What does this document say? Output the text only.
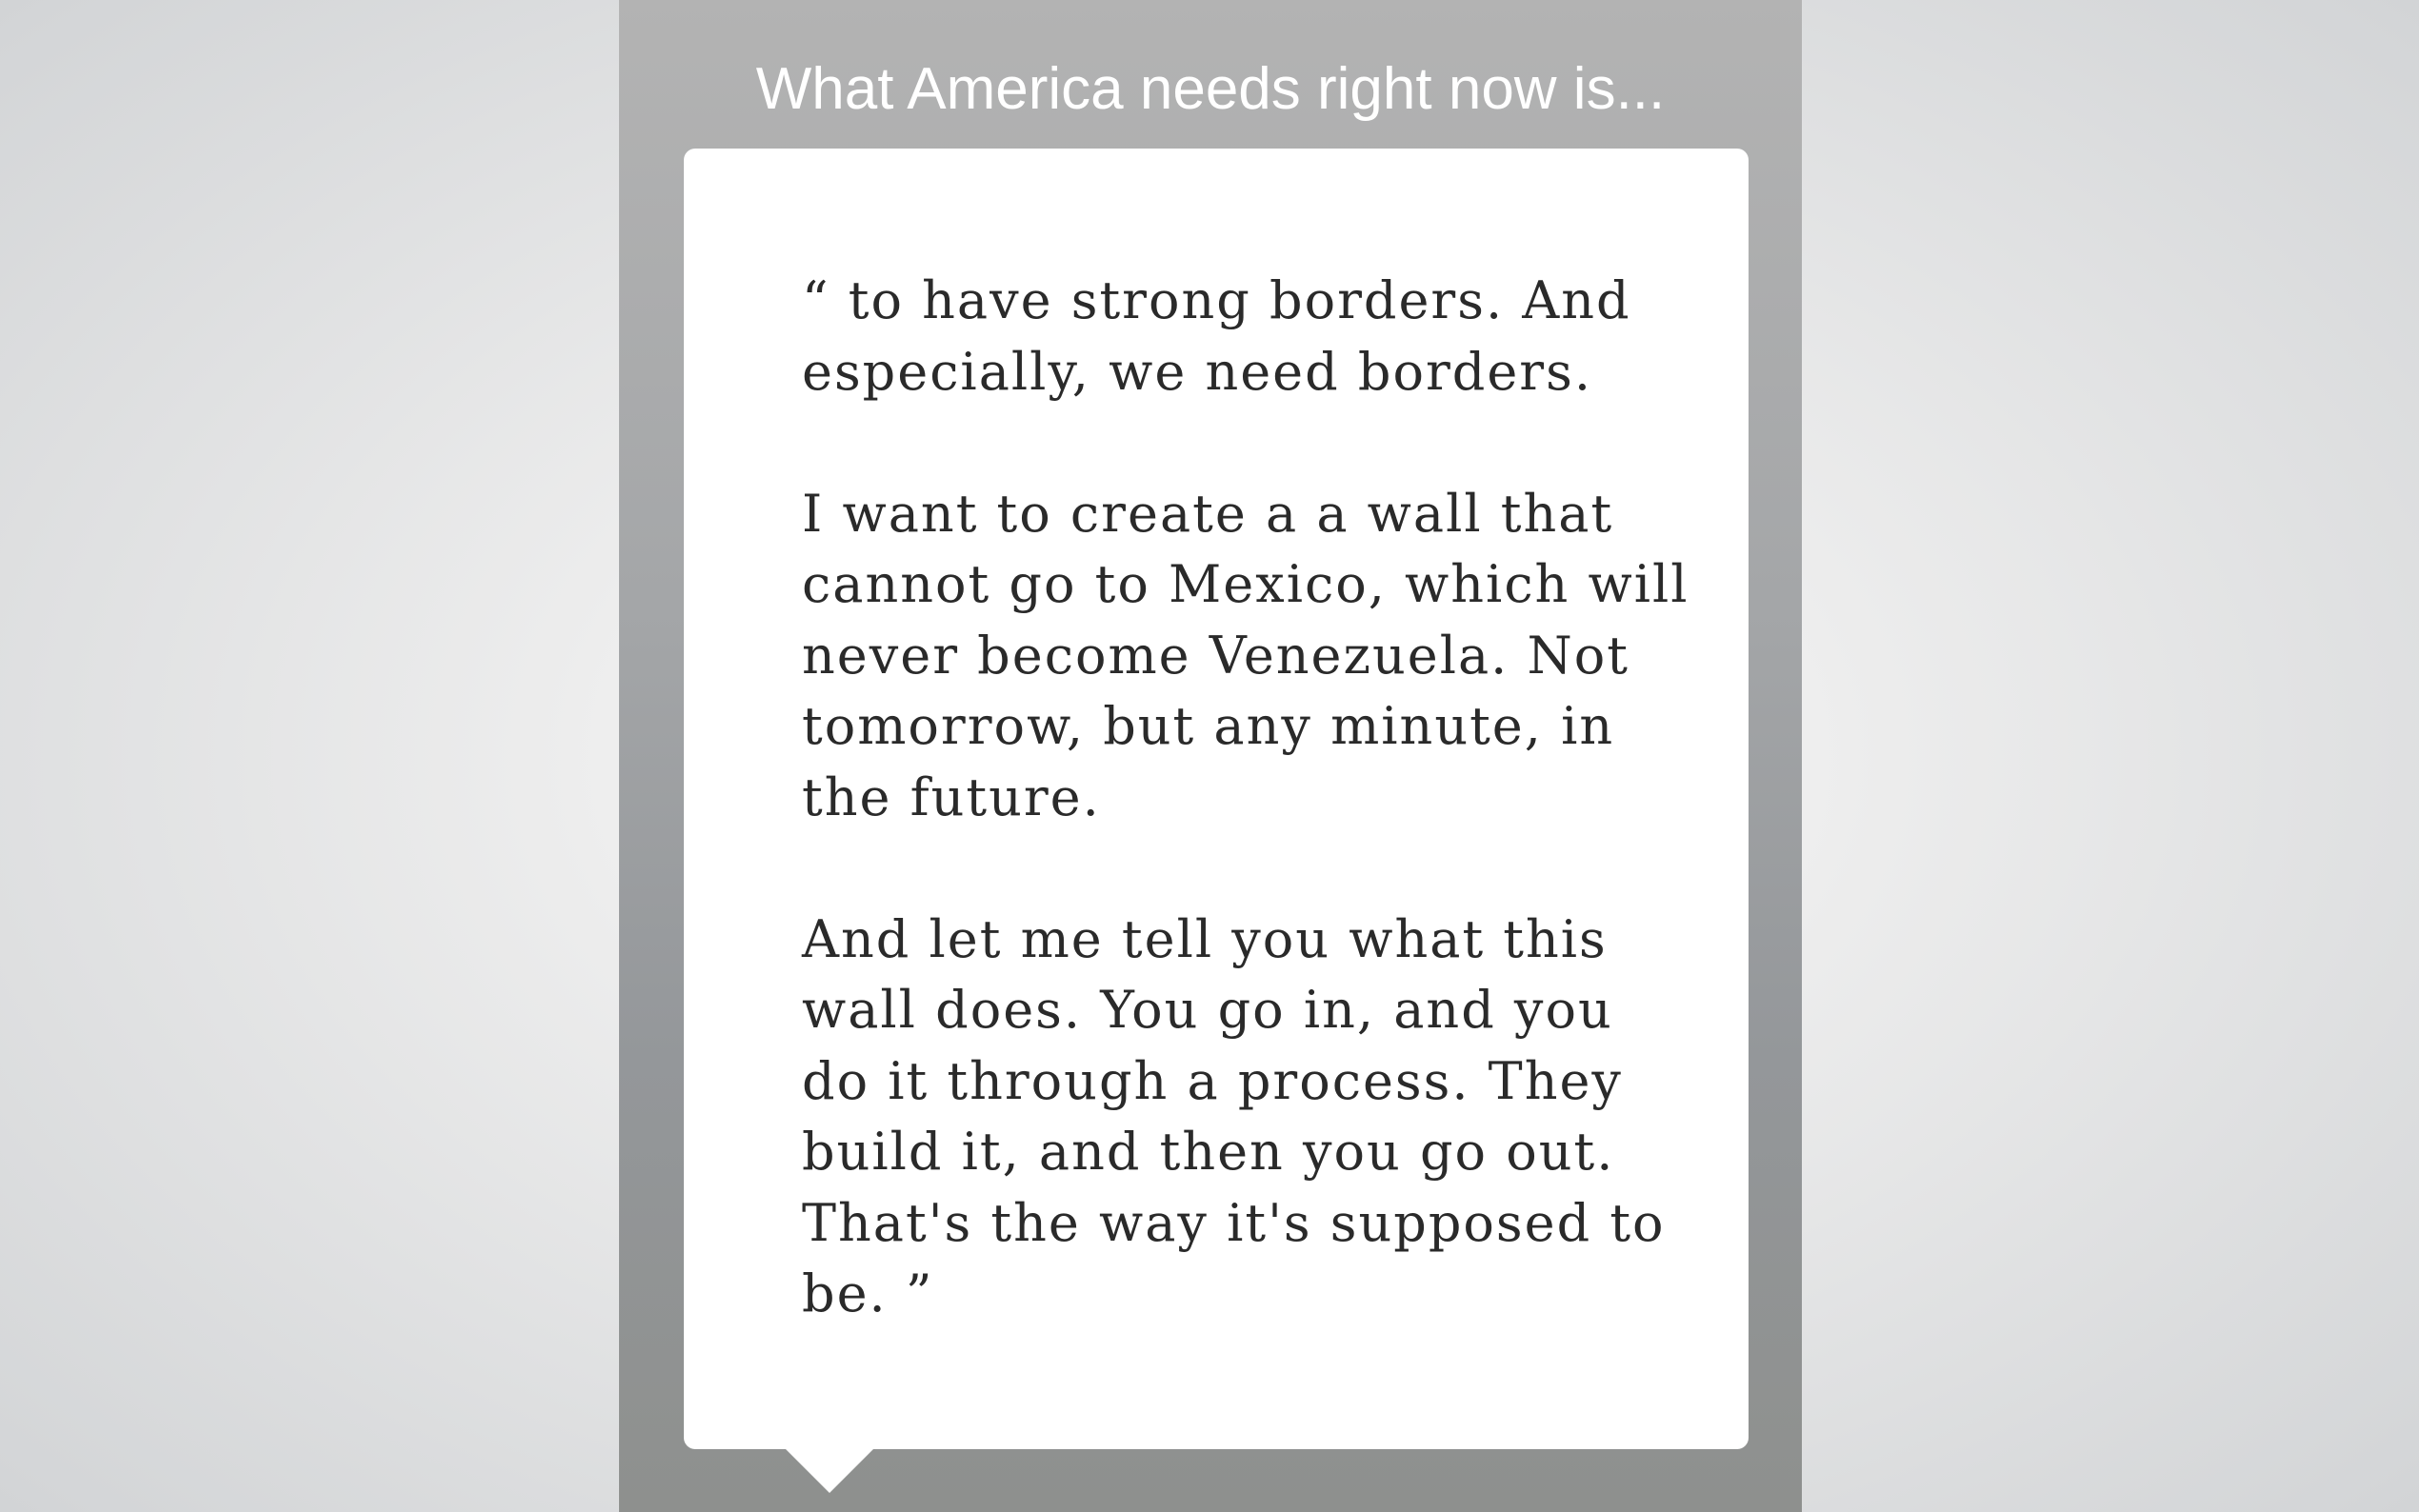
What America needs right now is...

“ to have strong borders. And
especially, we need borders.

I want to create a a wall that
cannot go to Mexico, which will
never become Venezuela. Not
tomorrow, but any minute, in
the future.

And let me tell you what this
wall does. You go in, and you
do it through a process. They
build it, and then you go out.
That's the way it's supposed to
be. ”
